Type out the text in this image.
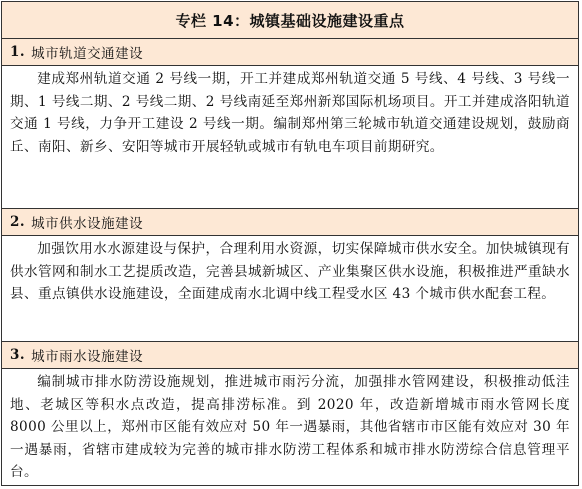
专栏 14：城镇基础设施建设重点
1. 城市轨道交通建设
建成郑州轨道交通 2 号线一期，开工并建成郑州轨道交通 5 号线、4 号线、3 号线一期、1 号线二期、2 号线二期、2 号线南延至郑州新郑国际机场项目。开工并建成洛阳轨道交通 1 号线，力争开工建设 2 号线一期。编制郑州第三轮城市轨道交通建设规划，鼓励商丘、南阳、新乡、安阳等城市开展轻轨或城市有轨电车项目前期研究。
2. 城市供水设施建设
加强饮用水水源建设与保护，合理利用水资源，切实保障城市供水安全。加快城镇现有供水管网和制水工艺提质改造，完善县城新城区、产业集聚区供水设施，积极推进严重缺水县、重点镇供水设施建设，全面建成南水北调中线工程受水区 43 个城市供水配套工程。
3. 城市雨水设施建设
编制城市排水防涝设施规划，推进城市雨污分流，加强排水管网建设，积极推动低洼地、老城区等积水点改造，提高排涝标准。到 2020 年，改造新增城市雨水管网长度 8000 公里以上，郑州市区能有效应对 50 年一遇暴雨，其他省辖市市区能有效应对 30 年一遇暴雨，省辖市建成较为完善的城市排水防涝工程体系和城市排水防涝综合信息管理平台。
